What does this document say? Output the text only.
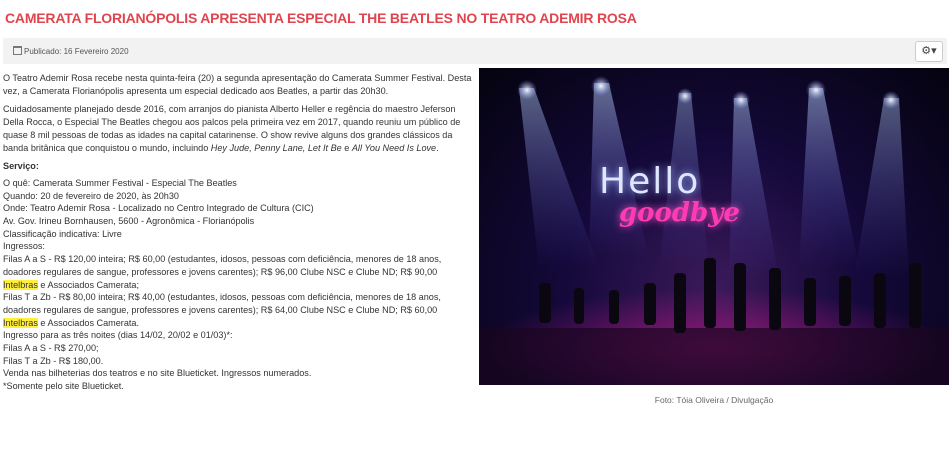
CAMERATA FLORIANÓPOLIS APRESENTA ESPECIAL THE BEATLES NO TEATRO ADEMIR ROSA
Publicado: 16 Fevereiro 2020	⚙▾

O Teatro Ademir Rosa recebe nesta quinta-feira (20) a segunda apresentação do Camerata Summer Festival. Desta vez, a Camerata Florianópolis apresenta um especial dedicado aos Beatles, a partir das 20h30.

Cuidadosamente planejado desde 2016, com arranjos do pianista Alberto Heller e regência do maestro Jeferson Della Rocca, o Especial The Beatles chegou aos palcos pela primeira vez em 2017, quando reuniu um público de quase 8 mil pessoas de todas as idades na capital catarinense. O show revive alguns dos grandes clássicos da banda britânica que conquistou o mundo, incluindo Hey Jude, Penny Lane, Let It Be e All You Need Is Love.

Serviço:

O quê: Camerata Summer Festival - Especial The Beatles
Quando: 20 de fevereiro de 2020, às 20h30
Onde: Teatro Ademir Rosa - Localizado no Centro Integrado de Cultura (CIC)
Av. Gov. Irineu Bornhausen, 5600 - Agronômica - Florianópolis
Classificação indicativa: Livre
Ingressos:
Filas A a S - R$ 120,00 inteira; R$ 60,00 (estudantes, idosos, pessoas com deficiência, menores de 18 anos, doadores regulares de sangue, professores e jovens carentes); R$ 96,00 Clube NSC e Clube ND; R$ 90,00 Intelbras e Associados Camerata;
Filas T a Zb - R$ 80,00 inteira; R$ 40,00 (estudantes, idosos, pessoas com deficiência, menores de 18 anos, doadores regulares de sangue, professores e jovens carentes); R$ 64,00 Clube NSC e Clube ND; R$ 60,00 Intelbras e Associados Camerata.
Ingresso para as três noites (dias 14/02, 20/02 e 01/03)*:
Filas A a S - R$ 270,00;
Filas T a Zb - R$ 180,00.
Venda nas bilheterias dos teatros e no site Blueticket. Ingressos numerados.
*Somente pelo site Blueticket.
Hello
goodbye
Foto: Tóia Oliveira / Divulgação
